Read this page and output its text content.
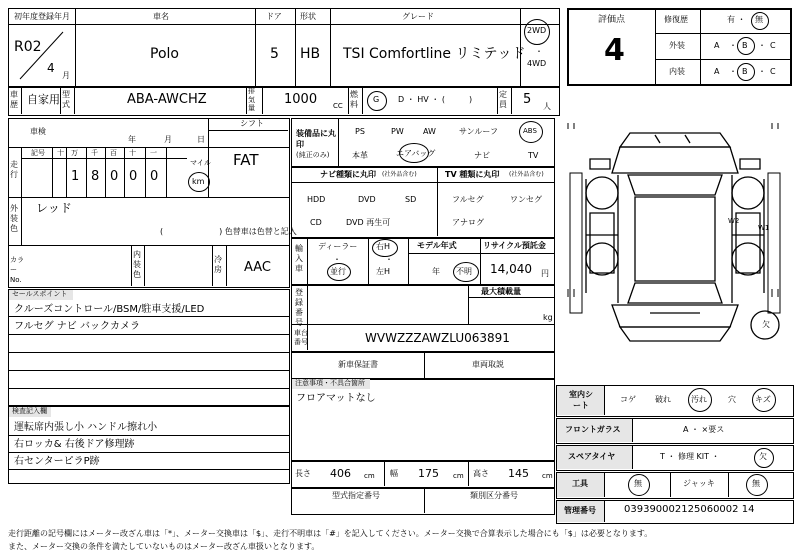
初年度登録年月	車名	ドア 形状	グレード
R02
4
月
Polo	5 HB TSI Comfortline リミテッド
2WD
・
4WD
評価点
4
修復歴	有 ・ 無
外装	A ・ B ・ C
内装	A ・ B ・ C
車歴 自家用 型式	ABA-AWCHZ
排気量
1000 CC
燃料
G D ・ HV ・ (　　　)
定員 5 人
車検
年	月	日
シフト
FAT
走行
記号 十 万 千 百 十 一
1 8 0 0 0
マイル
km
外装色
レッド
(　　　　　　　) 色替車は色替と記入
カラーNo.
内装色
冷房 AAC
装備品に丸印
(純正のみ)
PS	PW AW	サンルーフ	ABS
本革	エアバッグ	ナビ	TV
ナビ種類に丸印 (社外品含む)	TV 種類に丸印 (社外品含む)
HDD	DVD	SD
CD	DVD 再生可
フルセグ	ワンセグ
アナログ
輸入車
ディーラー
・
並行
右H
・
左H
モデル年式
年 不明
リサイクル預託金
14,040 円
セールスポイント
クルーズコントロール/BSM/駐車支援/LED
フルセグ ナビ バックカメラ
登録番号
最大積載量
kg
車台番号	WVWZZZAWZLU063891
新車保証書	車両取説
注意事項・不具合箇所
フロアマットなし
検査記入欄
運転席内張し小 ハンドル擦れ小
右ロッカ& 右後ドア修理跡
右センターピラP跡
長さ 406 cm 幅 175 cm 高さ 145 cm
型式指定番号	類別区分番号
室内シート
コゲ 破れ	汚れ	穴 キズ
フロントガラス	A ・ ×要ス
スペアタイヤ	T ・ 修理 KIT ・	欠
工具	無	ジャッキ	無
管理番号	039390002125060002 14
W2
W1
欠
走行距離の記号欄にはメーター改ざん車は「*」、メーター交換車は「$」、走行不明車は「#」を記入してください。メーター交換で合算表示した場合にも「$」は必要となります。
また、メーター交換の条件を満たしていないものはメーター改ざん車扱いとなります。
